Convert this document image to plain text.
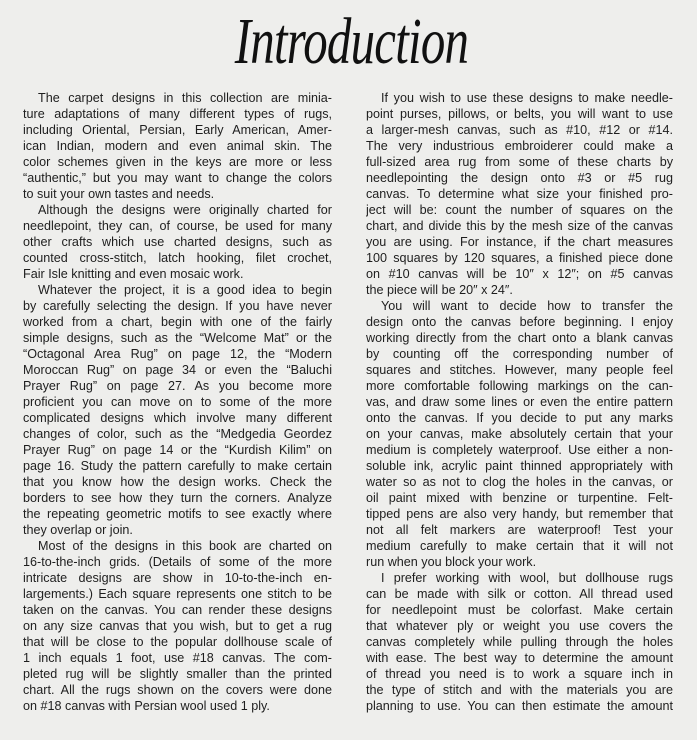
Introduction
The carpet designs in this collection are minia-
ture adaptations of many different types of rugs,
including Oriental, Persian, Early American, Amer-
ican Indian, modern and even animal skin. The
color schemes given in the keys are more or less
“authentic,” but you may want to change the colors
to suit your own tastes and needs.
Although the designs were originally charted for
needlepoint, they can, of course, be used for many
other crafts which use charted designs, such as
counted cross-stitch, latch hooking, filet crochet,
Fair Isle knitting and even mosaic work.
Whatever the project, it is a good idea to begin
by carefully selecting the design. If you have never
worked from a chart, begin with one of the fairly
simple designs, such as the “Welcome Mat” or the
“Octagonal Area Rug” on page 12, the “Modern
Moroccan Rug” on page 34 or even the “Baluchi
Prayer Rug” on page 27. As you become more
proficient you can move on to some of the more
complicated designs which involve many different
changes of color, such as the “Medgedia Geordez
Prayer Rug” on page 14 or the “Kurdish Kilim” on
page 16. Study the pattern carefully to make certain
that you know how the design works. Check the
borders to see how they turn the corners. Analyze
the repeating geometric motifs to see exactly where
they overlap or join.
Most of the designs in this book are charted on
16-to-the-inch grids. (Details of some of the more
intricate designs are show in 10-to-the-inch en-
largements.) Each square represents one stitch to be
taken on the canvas. You can render these designs
on any size canvas that you wish, but to get a rug
that will be close to the popular dollhouse scale of
1 inch equals 1 foot, use #18 canvas. The com-
pleted rug will be slightly smaller than the printed
chart. All the rugs shown on the covers were done
on #18 canvas with Persian wool used 1 ply.
If you wish to use these designs to make needle-
point purses, pillows, or belts, you will want to use
a larger-mesh canvas, such as #10, #12 or #14.
The very industrious embroiderer could make a
full-sized area rug from some of these charts by
needlepointing the design onto #3 or #5 rug
canvas. To determine what size your finished pro-
ject will be: count the number of squares on the
chart, and divide this by the mesh size of the canvas
you are using. For instance, if the chart measures
100 squares by 120 squares, a finished piece done
on #10 canvas will be 10″ x 12″; on #5 canvas
the piece will be 20″ x 24″.
You will want to decide how to transfer the
design onto the canvas before beginning. I enjoy
working directly from the chart onto a blank canvas
by counting off the corresponding number of
squares and stitches. However, many people feel
more comfortable following markings on the can-
vas, and draw some lines or even the entire pattern
onto the canvas. If you decide to put any marks
on your canvas, make absolutely certain that your
medium is completely waterproof. Use either a non-
soluble ink, acrylic paint thinned appropriately with
water so as not to clog the holes in the canvas, or
oil paint mixed with benzine or turpentine. Felt-
tipped pens are also very handy, but remember that
not all felt markers are waterproof! Test your
medium carefully to make certain that it will not
run when you block your work.
I prefer working with wool, but dollhouse rugs
can be made with silk or cotton. All thread used
for needlepoint must be colorfast. Make certain
that whatever ply or weight you use covers the
canvas completely while pulling through the holes
with ease. The best way to determine the amount
of thread you need is to work a square inch in
the type of stitch and with the materials you are
planning to use. You can then estimate the amount
